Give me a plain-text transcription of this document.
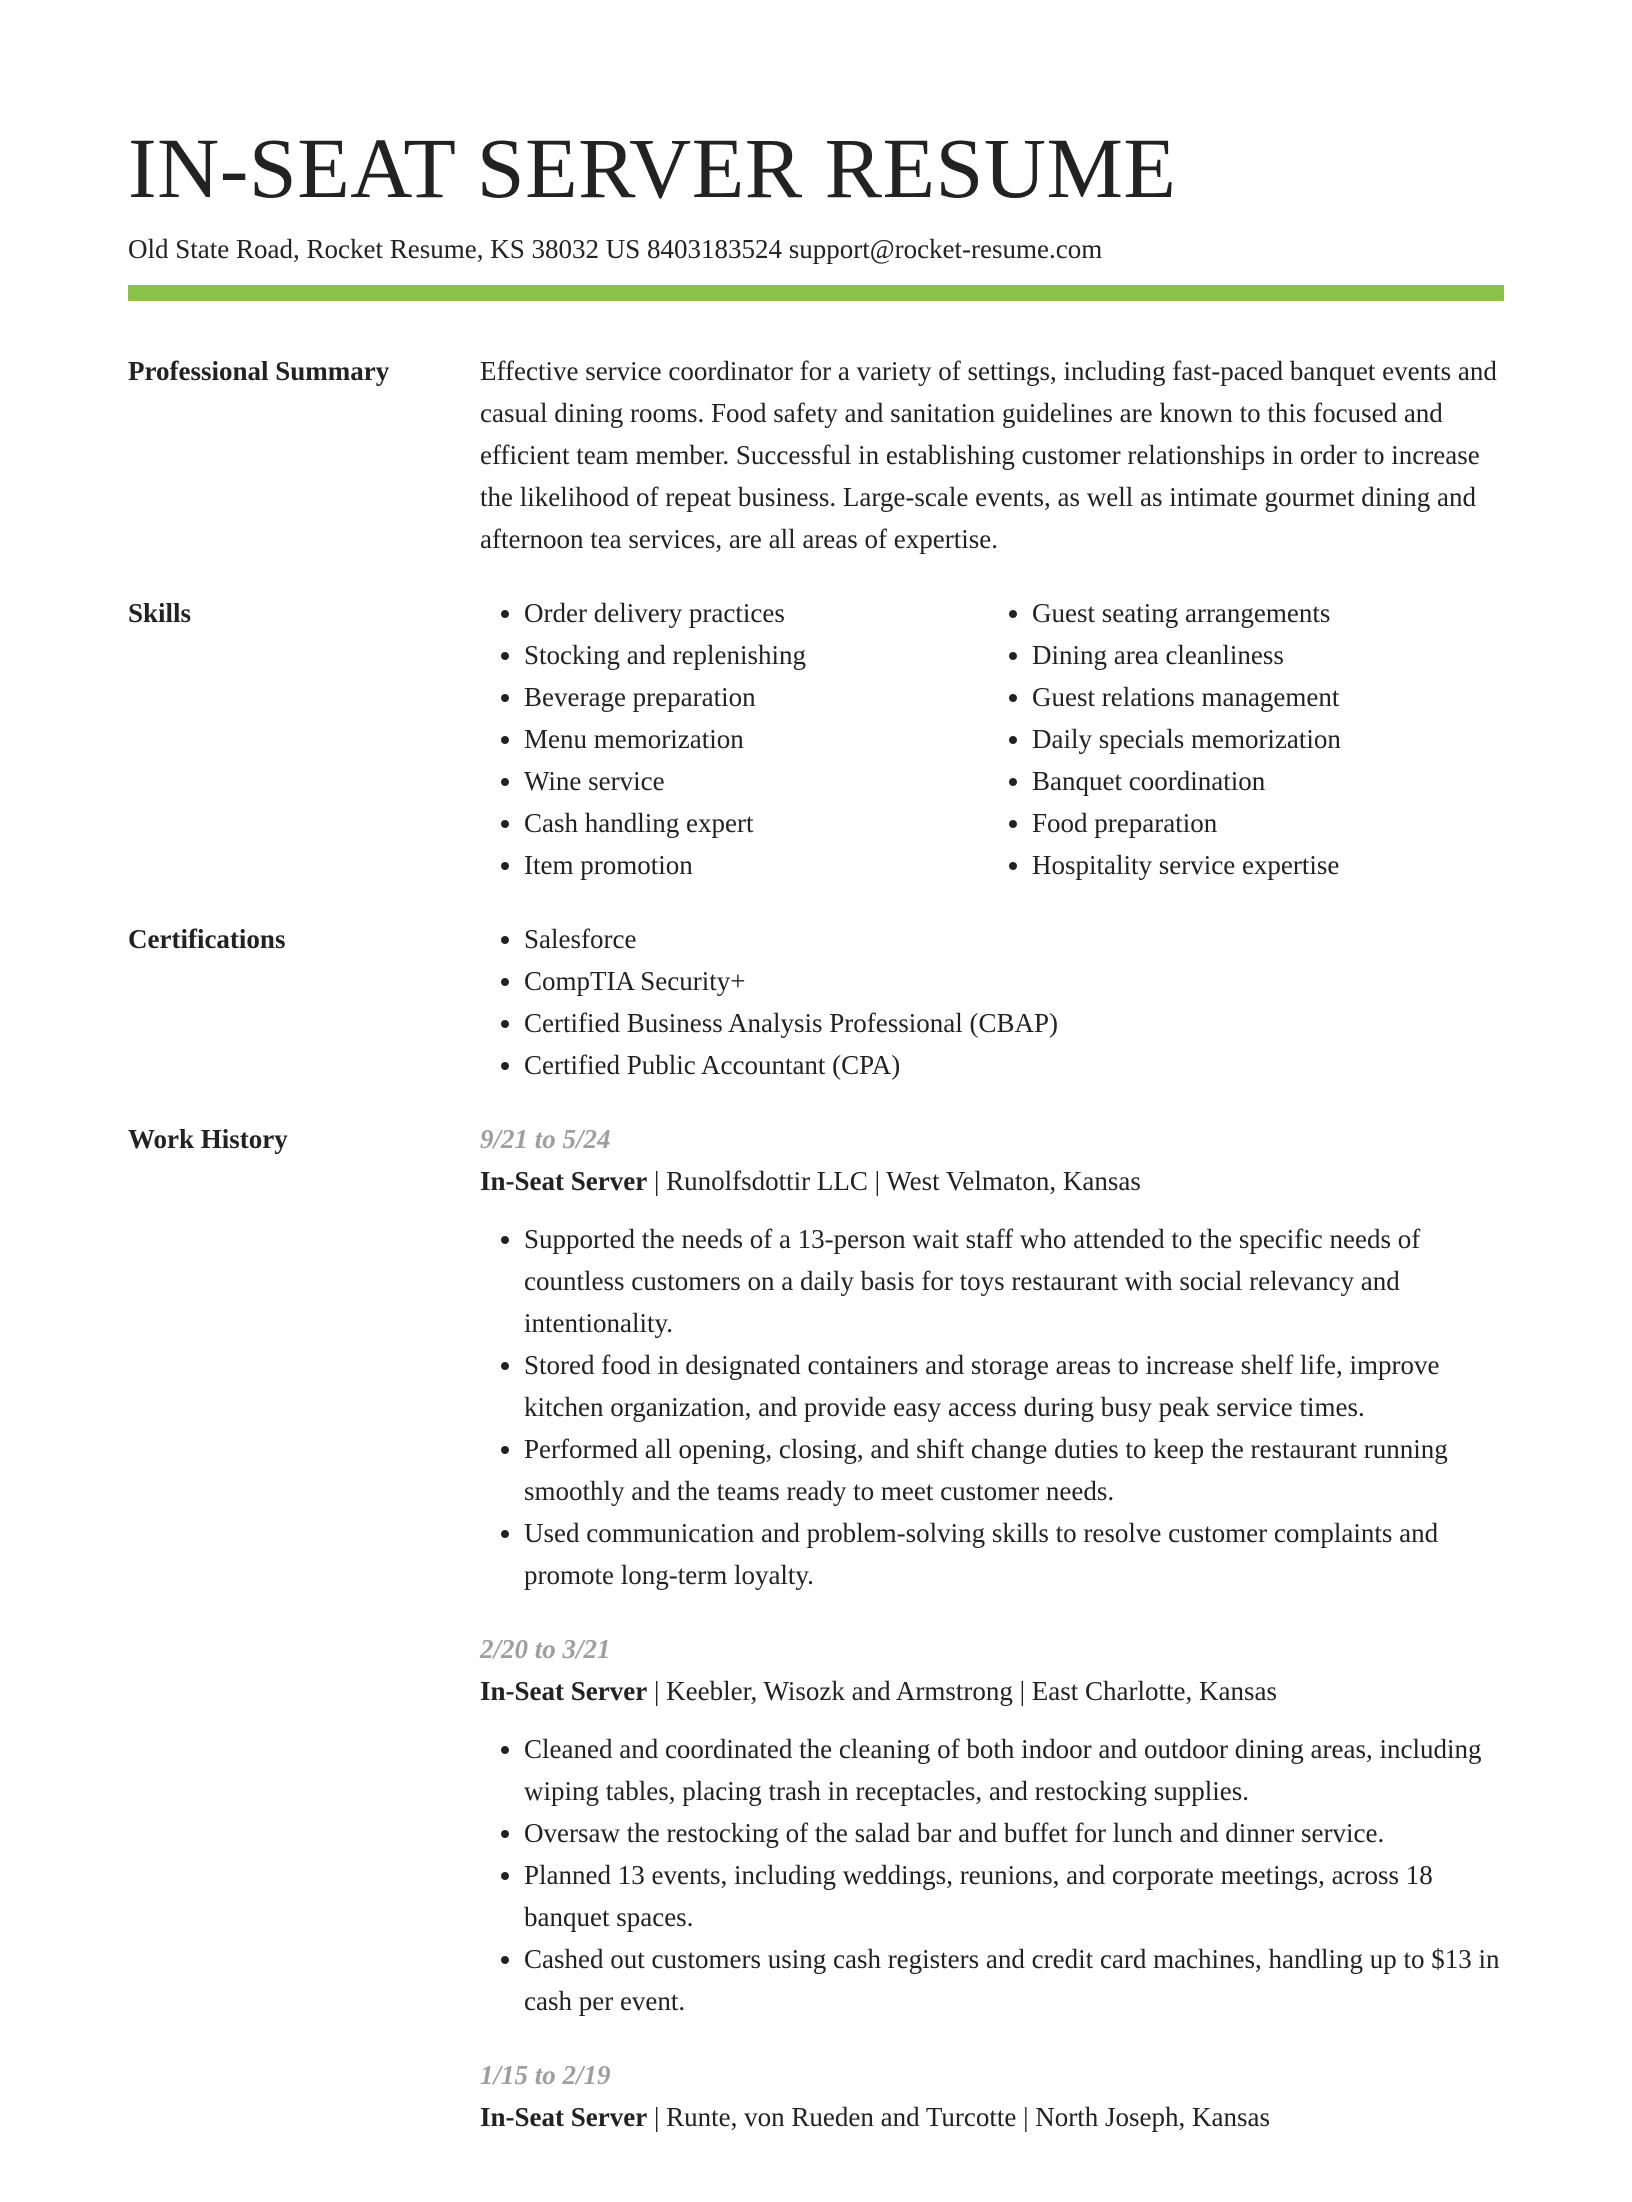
IN-SEAT SERVER RESUME
Old State Road, Rocket Resume, KS 38032 US 8403183524 support@rocket-resume.com
Professional Summary	Effective service coordinator for a variety of settings, including fast-paced banquet events and casual dining rooms. Food safety and sanitation guidelines are known to this focused and efficient team member. Successful in establishing customer relationships in order to increase the likelihood of repeat business. Large-scale events, as well as intimate gourmet dining and afternoon tea services, are all areas of expertise.

Skills	• Order delivery practices
• Stocking and replenishing
• Beverage preparation
• Menu memorization
• Wine service
• Cash handling expert
• Item promotion
• Guest seating arrangements
• Dining area cleanliness
• Guest relations management
• Daily specials memorization
• Banquet coordination
• Food preparation
• Hospitality service expertise
Certifications	• Salesforce
• CompTIA Security+
• Certified Business Analysis Professional (CBAP)
• Certified Public Accountant (CPA)
Work History	9/21 to 5/24
In-Seat Server | Runolfsdottir LLC | West Velmaton, Kansas
• Supported the needs of a 13-person wait staff who attended to the specific needs of countless customers on a daily basis for toys restaurant with social relevancy and intentionality.
• Stored food in designated containers and storage areas to increase shelf life, improve kitchen organization, and provide easy access during busy peak service times.
• Performed all opening, closing, and shift change duties to keep the restaurant running smoothly and the teams ready to meet customer needs.
• Used communication and problem-solving skills to resolve customer complaints and promote long-term loyalty.
2/20 to 3/21
In-Seat Server | Keebler, Wisozk and Armstrong | East Charlotte, Kansas
• Cleaned and coordinated the cleaning of both indoor and outdoor dining areas, including wiping tables, placing trash in receptacles, and restocking supplies.
• Oversaw the restocking of the salad bar and buffet for lunch and dinner service.
• Planned 13 events, including weddings, reunions, and corporate meetings, across 18 banquet spaces.
• Cashed out customers using cash registers and credit card machines, handling up to $13 in cash per event.
1/15 to 2/19
In-Seat Server | Runte, von Rueden and Turcotte | North Joseph, Kansas
